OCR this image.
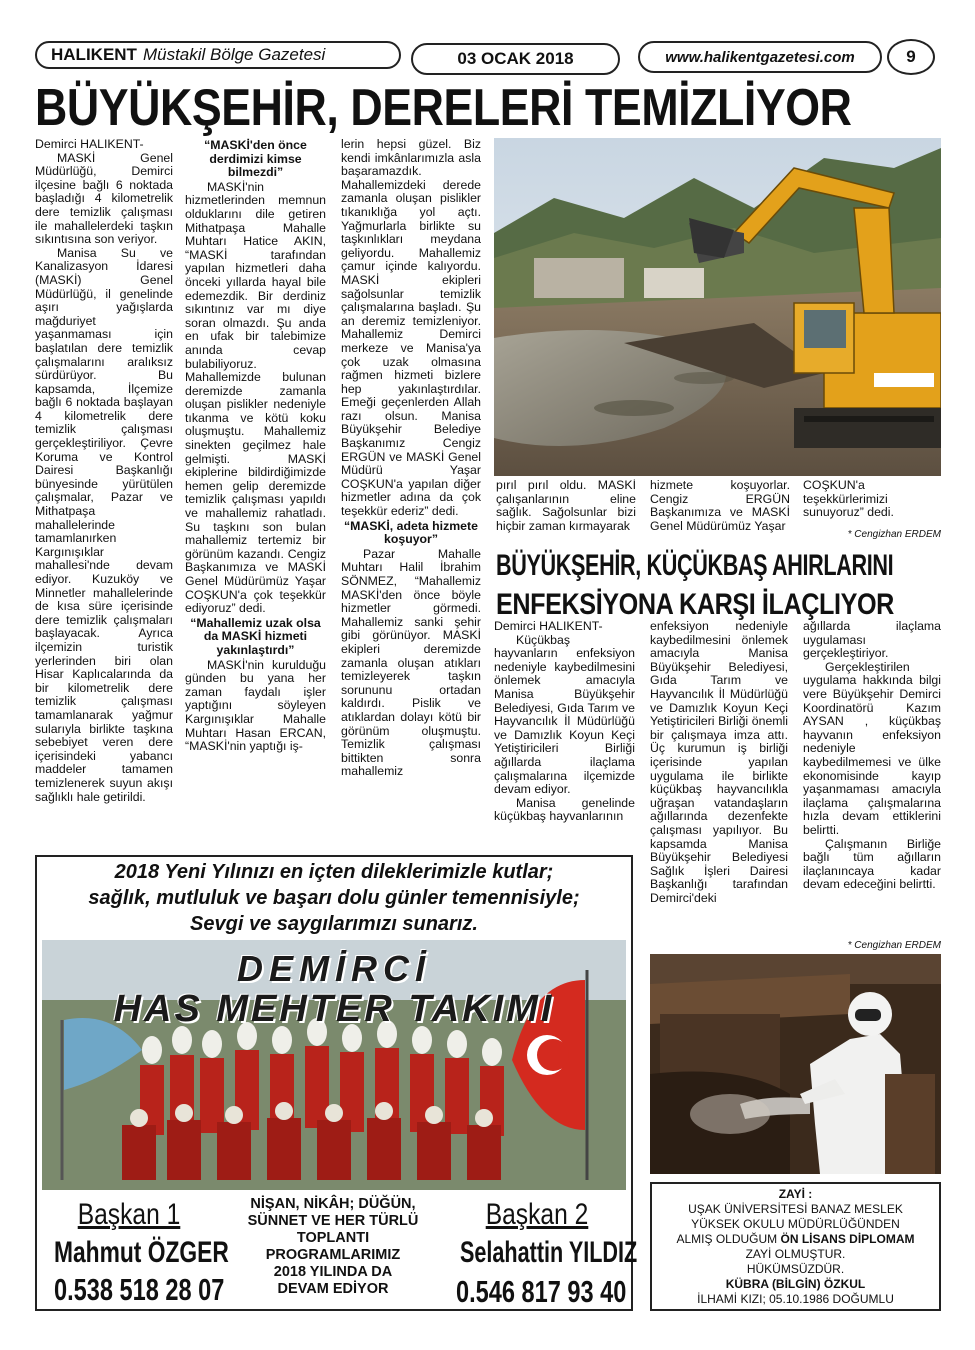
HALIKENT Müstakil Bölge Gazetesi	03 OCAK 2018	www.halikentgazetesi.com	9
BÜYÜKŞEHİR, DERELERİ TEMİZLİYOR

Demirci HALIKENT-

MASKİ Genel Müdürlüğü, Demirci ilçesine bağlı 6 noktada başladığı 4 kilometrelik dere temizlik çalışması ile mahallelerdeki taşkın sıkıntısına son veriyor.

Manisa Su ve Kanalizasyon İdaresi (MASKİ) Genel Müdürlüğü, il genelinde aşırı yağışlarda mağduriyet yaşanmaması için başlatılan dere temizlik çalışmalarını aralıksız sürdürüyor. Bu kapsamda, İlçemize bağlı 6 noktada başlayan 4 kilometrelik dere temizlik çalışması gerçekleştiriliyor. Çevre Koruma ve Kontrol Dairesi Başkanlığı bünyesinde yürütülen çalışmalar, Pazar ve Mithatpaşa mahallelerinde tamamlanırken Kargınışıklar mahallesi'nde devam ediyor. Kuzuköy ve Minnetler mahallelerinde de kısa süre içerisinde dere temizlik çalışmaları başlayacak. Ayrıca ilçemizin turistik yerlerinden biri olan Hisar Kaplıcalarında da bir kilometrelik dere temizlik çalışması tamamlanarak yağmur sularıyla birlikte taşkına sebebiyet veren dere içerisindeki yabancı maddeler tamamen temizlenerek suyun akışı sağlıklı hale getirildi.

“MASKİ'den önce derdimizi kimse bilmezdi”

MASKİ'nin hizmetlerinden memnun olduklarını dile getiren Mithatpaşa Mahalle Muhtarı Hatice AKIN, “MASKİ tarafından yapılan hizmetleri daha önceki yıllarda hayal bile edemezdik. Bir derdiniz sıkıntınız var mı diye soran olmazdı. Şu anda en ufak bir talebimize anında cevap bulabiliyoruz. Mahallemizde bulunan deremizde zamanla oluşan pislikler nedeniyle tıkanma ve kötü koku oluşmuştu. Mahallemiz sinekten geçilmez hale gelmişti. MASKİ ekiplerine bildirdiğimizde hemen gelip deremizde temizlik çalışması yapıldı ve mahallemiz rahatladı. Su taşkını son bulan mahallemiz tertemiz bir görünüm kazandı. Cengiz Başkanımıza ve MASKİ Genel Müdürümüz Yaşar COŞKUN'a çok teşekkür ediyoruz” dedi.

“Mahallemiz uzak olsa da MASKİ hizmeti yakınlaştırdı”

MASKİ'nin kurulduğu günden bu yana her zaman faydalı işler yaptığını söyleyen Kargınışıklar Mahalle Muhtarı Hasan ERCAN, “MASKİ'nin yaptığı iş-

lerin hepsi güzel. Biz kendi imkânlarımızla asla başaramazdık. Mahallemizdeki derede zamanla oluşan pislikler tıkanıklığa yol açtı. Yağmurlarla birlikte su taşkınlıkları meydana geliyordu. Mahallemiz çamur içinde kalıyordu. MASKİ ekipleri sağolsunlar temizlik çalışmalarına başladı. Şu an deremiz temizleniyor. Mahallemiz Demirci merkeze ve Manisa'ya çok uzak olmasına rağmen hizmeti bizlere hep yakınlaştırdılar. Emeği geçenlerden Allah razı olsun. Manisa Büyükşehir Belediye Başkanımız Cengiz ERGÜN ve MASKİ Genel Müdürü Yaşar COŞKUN'a yapılan diğer hizmetler adına da çok teşekkür ederiz” dedi.

“MASKİ, adeta hizmete koşuyor”

Pazar Mahalle Muhtarı Halil İbrahim SÖNMEZ, “Mahallemiz MASKİ'den önce böyle hizmetler görmedi. Mahallemiz sanki şehir gibi görünüyor. MASKİ ekipleri deremizde zamanla oluşan atıkları temizleyerek taşkın sorununu ortadan kaldırdı. Pislik ve atıklardan dolayı kötü bir görünüm oluşmuştu. Temizlik çalışması bittikten sonra mahallemiz

pırıl pırıl oldu. MASKİ çalışanlarının eline sağlık. Sağolsunlar bizi hiçbir zaman kırmayarak

hizmete koşuyorlar. Cengiz ERGÜN Başkanımıza ve MASKİ Genel Müdürümüz Yaşar

COŞKUN'a teşekkürlerimizi sunuyoruz” dedi.

* Cengizhan ERDEM
BÜYÜKŞEHİR, KÜÇÜKBAŞ AHIRLARINI
ENFEKSİYONA KARŞI İLAÇLIYOR

Demirci HALIKENT-

Küçükbaş hayvanların enfeksiyon nedeniyle kaybedilmesini önlemek amacıyla Manisa Büyükşehir Belediyesi, Gıda Tarım ve Hayvancılık İl Müdürlüğü ve Damızlık Koyun Keçi Yetiştiricileri Birliği ağıllarda ilaçlama çalışmalarına ilçemizde devam ediyor.

Manisa genelinde küçükbaş hayvanlarının

enfeksiyon nedeniyle kaybedilmesini önlemek amacıyla Manisa Büyükşehir Belediyesi, Gıda Tarım ve Hayvancılık İl Müdürlüğü ve Damızlık Koyun Keçi Yetiştiricileri Birliği önemli bir çalışmaya imza attı. Üç kurumun iş birliği içerisinde yapılan uygulama ile birlikte küçükbaş hayvancılıkla uğraşan vatandaşların ağıllarında dezenfekte çalışması yapılıyor. Bu kapsamda Manisa Büyükşehir Belediyesi Sağlık İşleri Dairesi Başkanlığı tarafından Demirci'deki

ağıllarda ilaçlama uygulaması gerçekleştiriyor.

Gerçekleştirilen uygulama hakkında bilgi vere Büyükşehir Demirci Koordinatörü Kazım AYSAN , küçükbaş hayvanın enfeksiyon nedeniyle kaybedilmemesi ve ülke ekonomisinde kayıp yaşanmaması amacıyla ilaçlama çalışmalarına hızla devam ettiklerini belirtti.

Çalışmanın Birliğe bağlı tüm ağılların ilaçlanıncaya kadar devam edeceğini belirtti.

* Cengizhan ERDEM
2018 Yeni Yılınızı en içten dileklerimizle kutlar;
sağlık, mutluluk ve başarı dolu günler temennisiyle;
Sevgi ve saygılarımızı sunarız.
DEMİRCİ
HAS MEHTER TAKIMI
Başkan 1
Mahmut ÖZGER
0.538 518 28 07
NİŞAN, NİKÂH; DÜĞÜN,
SÜNNET VE HER TÜRLÜ
TOPLANTI
PROGRAMLARIMIZ
2018 YILINDA DA
DEVAM EDİYOR
Başkan 2
Selahattin YILDIZ
0.546 817 93 40
ZAYİ :
UŞAK ÜNİVERSİTESİ BANAZ MESLEK
YÜKSEK OKULU MÜDÜRLÜĞÜNDEN
ALMIŞ OLDUĞUM ÖN LİSANS DİPLOMAM
ZAYİ OLMUŞTUR.
HÜKÜMSÜZDÜR.
KÜBRA (BİLGİN) ÖZKUL
İLHAMİ KIZI; 05.10.1986 DOĞUMLU
